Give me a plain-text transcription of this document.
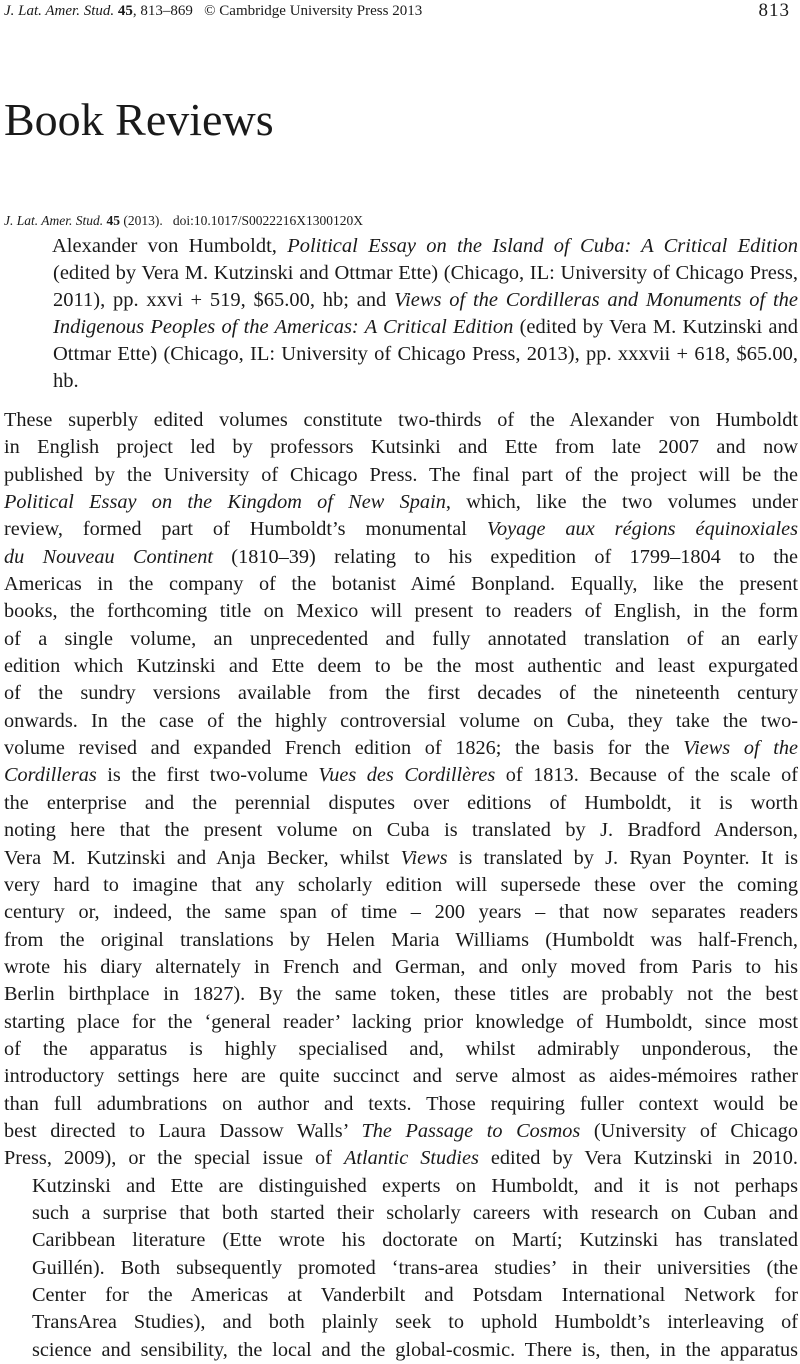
J. Lat. Amer. Stud. 45, 813–869 © Cambridge University Press 2013	813
Book Reviews
J. Lat. Amer. Stud. 45 (2013). doi:10.1017/S0022216X1300120X
Alexander von Humboldt, Political Essay on the Island of Cuba: A Critical Edition (edited by Vera M. Kutzinski and Ottmar Ette) (Chicago, IL: University of Chicago Press, 2011), pp. xxvi + 519, $65.00, hb; and Views of the Cordilleras and Monuments of the Indigenous Peoples of the Americas: A Critical Edition (edited by Vera M. Kutzinski and Ottmar Ette) (Chicago, IL: University of Chicago Press, 2013), pp. xxxvii + 618, $65.00, hb.

These superbly edited volumes constitute two-thirds of the Alexander von Humboldt
in English project led by professors Kutsinki and Ette from late 2007 and now
published by the University of Chicago Press. The final part of the project will be the
Political Essay on the Kingdom of New Spain, which, like the two volumes under
review, formed part of Humboldt’s monumental Voyage aux régions équinoxiales
du Nouveau Continent (1810–39) relating to his expedition of 1799–1804 to the
Americas in the company of the botanist Aimé Bonpland. Equally, like the present
books, the forthcoming title on Mexico will present to readers of English, in the form
of a single volume, an unprecedented and fully annotated translation of an early
edition which Kutzinski and Ette deem to be the most authentic and least expurgated
of the sundry versions available from the first decades of the nineteenth century
onwards. In the case of the highly controversial volume on Cuba, they take the two-
volume revised and expanded French edition of 1826; the basis for the Views of the
Cordilleras is the first two-volume Vues des Cordillères of 1813. Because of the scale of
the enterprise and the perennial disputes over editions of Humboldt, it is worth
noting here that the present volume on Cuba is translated by J. Bradford Anderson,
Vera M. Kutzinski and Anja Becker, whilst Views is translated by J. Ryan Poynter. It is
very hard to imagine that any scholarly edition will supersede these over the coming
century or, indeed, the same span of time – 200 years – that now separates readers
from the original translations by Helen Maria Williams (Humboldt was half-French,
wrote his diary alternately in French and German, and only moved from Paris to his
Berlin birthplace in 1827). By the same token, these titles are probably not the best
starting place for the ‘general reader’ lacking prior knowledge of Humboldt, since most
of the apparatus is highly specialised and, whilst admirably unponderous, the
introductory settings here are quite succinct and serve almost as aides-mémoires rather
than full adumbrations on author and texts. Those requiring fuller context would be
best directed to Laura Dassow Walls’ The Passage to Cosmos (University of Chicago
Press, 2009), or the special issue of Atlantic Studies edited by Vera Kutzinski in 2010.

Kutzinski and Ette are distinguished experts on Humboldt, and it is not perhaps
such a surprise that both started their scholarly careers with research on Cuban and
Caribbean literature (Ette wrote his doctorate on Martí; Kutzinski has translated
Guillén). Both subsequently promoted ‘trans-area studies’ in their universities (the
Center for the Americas at Vanderbilt and Potsdam International Network for
TransArea Studies), and both plainly seek to uphold Humboldt’s interleaving of
science and sensibility, the local and the global-cosmic. There is, then, in the apparatus
